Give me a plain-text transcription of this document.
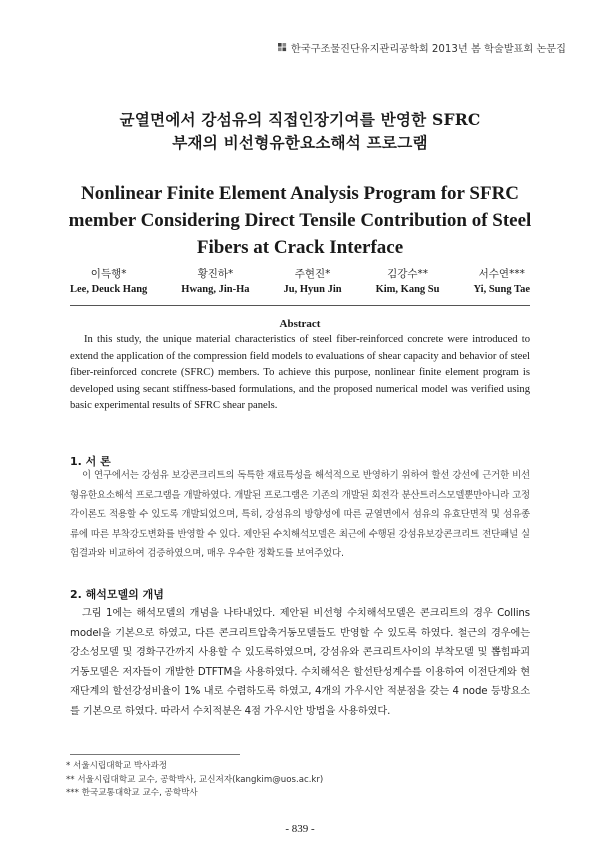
한국구조물진단유지관리공학회 2013년 봄 학술발표회 논문집
균열면에서 강섬유의 직접인장기여를 반영한 SFRC
부재의 비선형유한요소해석 프로그램
Nonlinear Finite Element Analysis Program for SFRC
member Considering Direct Tensile Contribution of Steel
Fibers at Crack Interface
이득행*
Lee, Deuck Hang
황진하*
Hwang, Jin-Ha
주현진*
Ju, Hyun Jin
김강수**
Kim, Kang Su
서수연***
Yi, Sung Tae
Abstract
In this study, the unique material characteristics of steel fiber-reinforced concrete were introduced to extend the application of the compression field models to evaluations of shear capacity and behavior of steel fiber-reinforced concrete (SFRC) members. To achieve this purpose, nonlinear finite element program is developed using secant stiffness-based formulations, and the proposed numerical model was verified using basic experimental results of SFRC shear panels.
1. 서 론
이 연구에서는 강섬유 보강콘크리트의 독특한 재료특성을 해석적으로 반영하기 위하여 할선 강선에 근거한 비선형유한요소해석 프로그램을 개발하였다. 개발된 프로그램은 기존의 개발된 회전각 분산트러스모델뿐만아니라 고정각이론도 적용할 수 있도록 개발되었으며, 특히, 강섬유의 방향성에 따른 균열면에서 섬유의 유효단면적 및 섬유종류에 따른 부착강도변화를 반영할 수 있다. 제안된 수치해석모델은 최근에 수행된 강섬유보강콘크리트 전단패널 실험결과와 비교하여 검증하였으며, 매우 우수한 정확도를 보여주었다.
2. 해석모델의 개념
그림 1에는 해석모델의 개념을 나타내었다. 제안된 비선형 수치해석모델은 콘크리트의 경우 Collins model을 기본으로 하였고, 다른 콘크리트압축거동모델들도 반영할 수 있도록 하였다. 철근의 경우에는 강소성모델 및 경화구간까지 사용할 수 있도록하였으며, 강섬유와 콘크리트사이의 부착모델 및 뽑힘파괴거동모델은 저자들이 개발한 DTFTM을 사용하였다. 수치해석은 할선탄성계수를 이용하여 이전단계와 현재단계의 할선강성비율이 1% 내로 수렴하도록 하였고, 4개의 가우시안 적분점을 갖는 4 node 등방요소를 기본으로 하였다. 따라서 수치적분은 4점 가우시안 방법을 사용하였다.
* 서울시립대학교 박사과정
** 서울시립대학교 교수, 공학박사, 교신저자(kangkim@uos.ac.kr)
*** 한국교통대학교 교수, 공학박사
- 839 -
